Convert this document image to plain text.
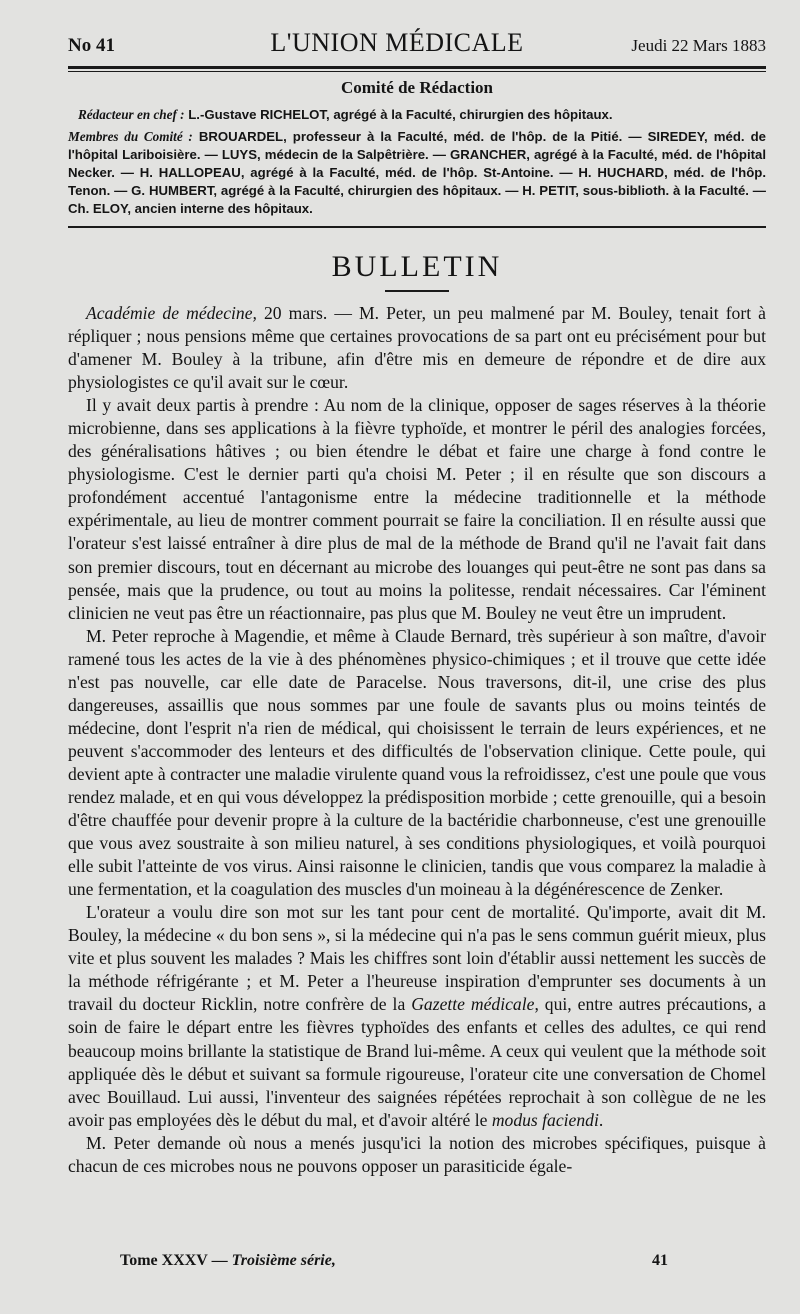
No 41	L'UNION MÉDICALE	Jeudi 22 Mars 1883
Comité de Rédaction

Rédacteur en chef : L.-Gustave RICHELOT, agrégé à la Faculté, chirurgien des hôpitaux.

Membres du Comité : BROUARDEL, professeur à la Faculté, méd. de l'hôp. de la Pitié. — SIREDEY, méd. de l'hôpital Lariboisière. — LUYS, médecin de la Salpêtrière. — GRANCHER, agrégé à la Faculté, méd. de l'hôpital Necker. — H. HALLOPEAU, agrégé à la Faculté, méd. de l'hôp. St-Antoine. — H. HUCHARD, méd. de l'hôp. Tenon. — G. HUMBERT, agrégé à la Faculté, chirurgien des hôpitaux. — H. PETIT, sous-biblioth. à la Faculté. — Ch. ELOY, ancien interne des hôpitaux.

BULLETIN

Académie de médecine, 20 mars. — M. Peter, un peu malmené par M. Bouley, tenait fort à répliquer ; nous pensions même que certaines provocations de sa part ont eu précisément pour but d'amener M. Bouley à la tribune, afin d'être mis en demeure de répondre et de dire aux physiologistes ce qu'il avait sur le cœur.

Il y avait deux partis à prendre : Au nom de la clinique, opposer de sages réserves à la théorie microbienne, dans ses applications à la fièvre typhoïde, et montrer le péril des analogies forcées, des généralisations hâtives ; ou bien étendre le débat et faire une charge à fond contre le physiologisme. C'est le dernier parti qu'a choisi M. Peter ; il en résulte que son discours a profondément accentué l'antagonisme entre la médecine traditionnelle et la méthode expérimentale, au lieu de montrer comment pourrait se faire la conciliation. Il en résulte aussi que l'orateur s'est laissé entraîner à dire plus de mal de la méthode de Brand qu'il ne l'avait fait dans son premier discours, tout en décernant au microbe des louanges qui peut-être ne sont pas dans sa pensée, mais que la prudence, ou tout au moins la politesse, rendait nécessaires. Car l'éminent clinicien ne veut pas être un réactionnaire, pas plus que M. Bouley ne veut être un imprudent.

M. Peter reproche à Magendie, et même à Claude Bernard, très supérieur à son maître, d'avoir ramené tous les actes de la vie à des phénomènes physico-chimiques ; et il trouve que cette idée n'est pas nouvelle, car elle date de Paracelse. Nous traversons, dit-il, une crise des plus dangereuses, assaillis que nous sommes par une foule de savants plus ou moins teintés de médecine, dont l'esprit n'a rien de médical, qui choisissent le terrain de leurs expériences, et ne peuvent s'accommoder des lenteurs et des difficultés de l'observation clinique. Cette poule, qui devient apte à contracter une maladie virulente quand vous la refroidissez, c'est une poule que vous rendez malade, et en qui vous développez la prédisposition morbide ; cette grenouille, qui a besoin d'être chauffée pour devenir propre à la culture de la bactéridie charbonneuse, c'est une grenouille que vous avez soustraite à son milieu naturel, à ses conditions physiologiques, et voilà pourquoi elle subit l'atteinte de vos virus. Ainsi raisonne le clinicien, tandis que vous comparez la maladie à une fermentation, et la coagulation des muscles d'un moineau à la dégénérescence de Zenker.

L'orateur a voulu dire son mot sur les tant pour cent de mortalité. Qu'importe, avait dit M. Bouley, la médecine « du bon sens », si la médecine qui n'a pas le sens commun guérit mieux, plus vite et plus souvent les malades ? Mais les chiffres sont loin d'établir aussi nettement les succès de la méthode réfrigérante ; et M. Peter a l'heureuse inspiration d'emprunter ses documents à un travail du docteur Ricklin, notre confrère de la Gazette médicale, qui, entre autres précautions, a soin de faire le départ entre les fièvres typhoïdes des enfants et celles des adultes, ce qui rend beaucoup moins brillante la statistique de Brand lui-même. A ceux qui veulent que la méthode soit appliquée dès le début et suivant sa formule rigoureuse, l'orateur cite une conversation de Chomel avec Bouillaud. Lui aussi, l'inventeur des saignées répétées reprochait à son collègue de ne les avoir pas employées dès le début du mal, et d'avoir altéré le modus faciendi.

M. Peter demande où nous a menés jusqu'ici la notion des microbes spécifiques, puisque à chacun de ces microbes nous ne pouvons opposer un parasiticide égale-

Tome XXXV — Troisième série,	41
